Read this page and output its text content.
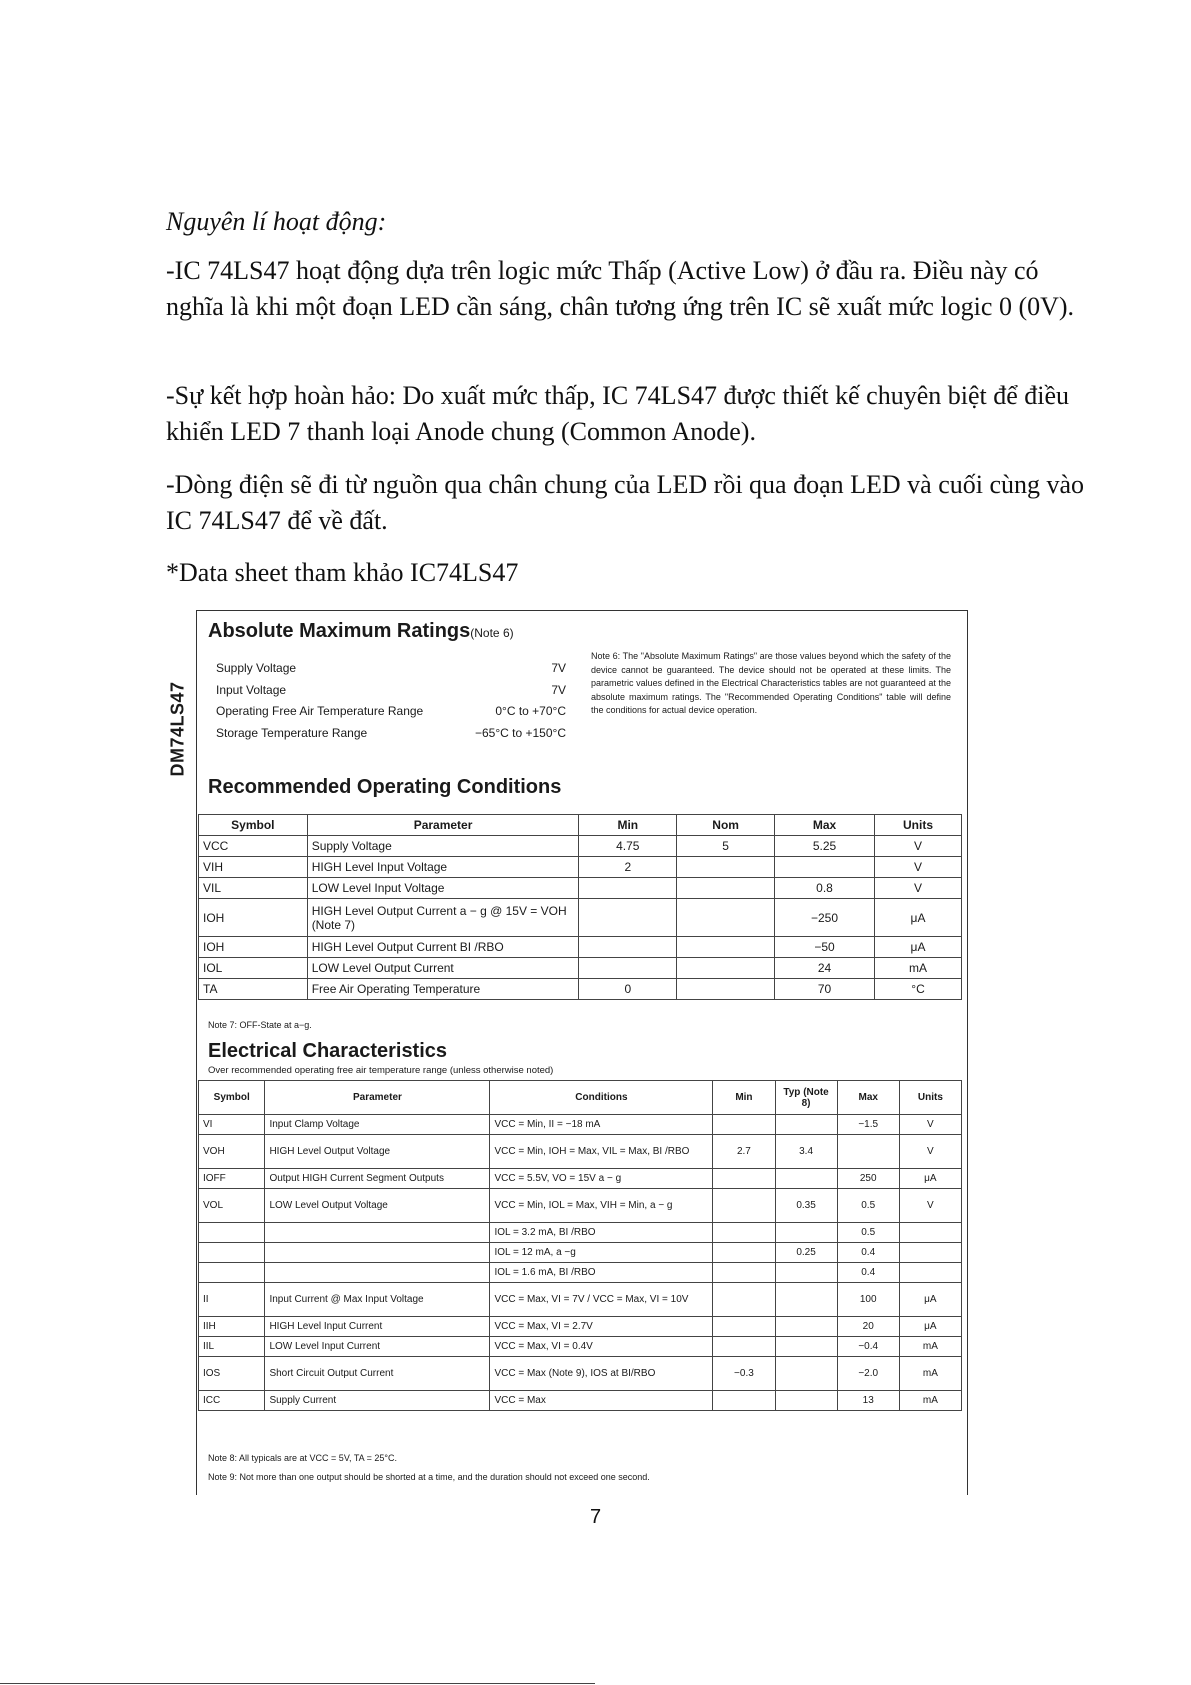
Nguyên lí hoạt động:
-IC 74LS47 hoạt động dựa trên logic mức Thấp (Active Low) ở đầu ra. Điều này có nghĩa là khi một đoạn LED cần sáng, chân tương ứng trên IC sẽ xuất mức logic 0 (0V).
-Sự kết hợp hoàn hảo: Do xuất mức thấp, IC 74LS47 được thiết kế chuyên biệt để điều khiển LED 7 thanh loại Anode chung (Common Anode).
-Dòng điện sẽ đi từ nguồn qua chân chung của LED rồi qua đoạn LED và cuối cùng vào IC 74LS47 để về đất.
*Data sheet tham khảo IC74LS47
DM74LS47
Absolute Maximum Ratings(Note 6)
Supply Voltage	7V
Input Voltage	7V
Operating Free Air Temperature Range	0°C to +70°C
Storage Temperature Range	−65°C to +150°C
Note 6: The "Absolute Maximum Ratings" are those values beyond which the safety of the device cannot be guaranteed. The device should not be operated at these limits. The parametric values defined in the Electrical Characteristics tables are not guaranteed at the absolute maximum ratings. The "Recommended Operating Conditions" table will define the conditions for actual device operation.
Recommended Operating Conditions
Symbol	Parameter	Min	Nom	Max	Units
VCC	Supply Voltage	4.75	5	5.25	V
VIH	HIGH Level Input Voltage	2			V
VIL	LOW Level Input Voltage			0.8	V
IOH	HIGH Level Output Current a − g @ 15V = VOH (Note 7)			−250	μA
IOH	HIGH Level Output Current BI /RBO			−50	μA
IOL	LOW Level Output Current			24	mA
TA	Free Air Operating Temperature	0		70	°C
Note 7: OFF-State at a−g.
Electrical Characteristics
Over recommended operating free air temperature range (unless otherwise noted)
Symbol	Parameter	Conditions	Min	Typ (Note 8)	Max	Units
VI	Input Clamp Voltage	VCC = Min, II = −18 mA			−1.5	V
VOH	HIGH Level Output Voltage	VCC = Min, IOH = Max, VIL = Max, BI /RBO	2.7	3.4		V
IOFF	Output HIGH Current Segment Outputs	VCC = 5.5V, VO = 15V a − g			250	μA
VOL	LOW Level Output Voltage	VCC = Min, IOL = Max, VIH = Min, a − g		0.35	0.5	V
		IOL = 3.2 mA, BI /RBO			0.5	
		IOL = 12 mA, a −g		0.25	0.4	
		IOL = 1.6 mA, BI /RBO			0.4	
II	Input Current @ Max Input Voltage	VCC = Max, VI = 7V / VCC = Max, VI = 10V			100	μA
IIH	HIGH Level Input Current	VCC = Max, VI = 2.7V			20	μA
IIL	LOW Level Input Current	VCC = Max, VI = 0.4V			−0.4	mA
IOS	Short Circuit Output Current	VCC = Max (Note 9), IOS at BI/RBO	−0.3		−2.0	mA
ICC	Supply Current	VCC = Max			13	mA
Note 8: All typicals are at VCC = 5V, TA = 25°C.
Note 9: Not more than one output should be shorted at a time, and the duration should not exceed one second.
7
